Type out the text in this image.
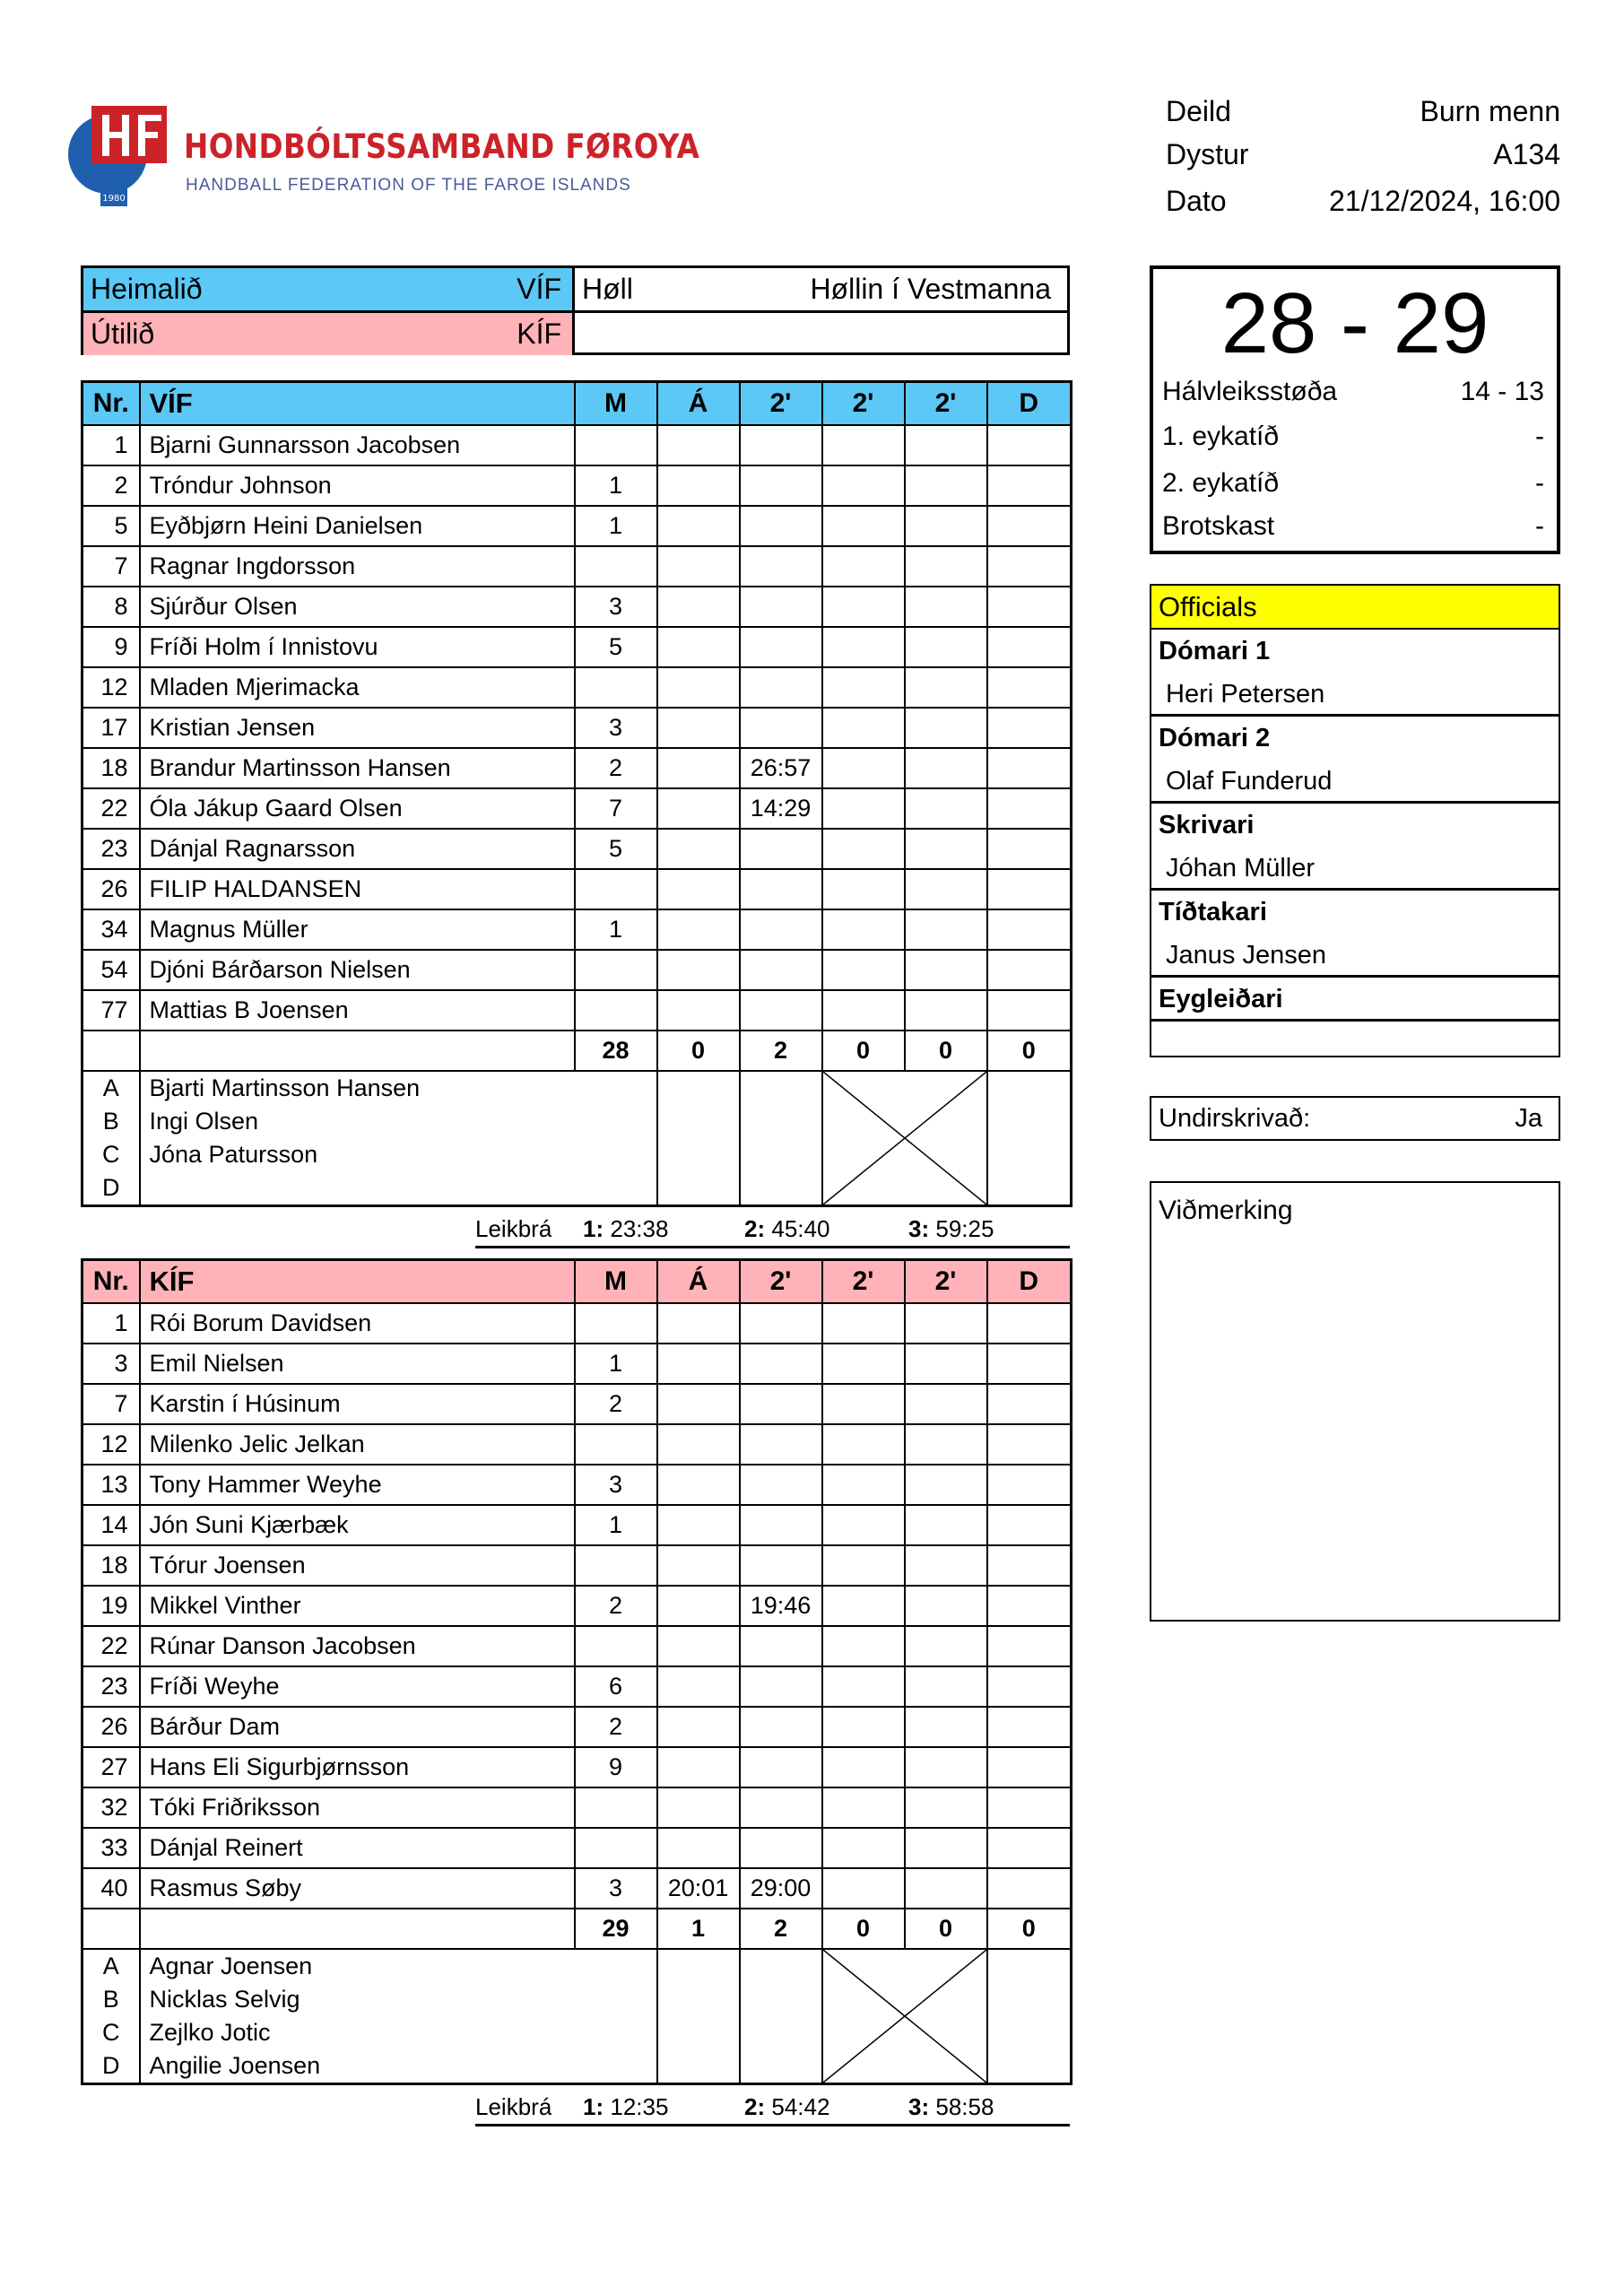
1980
HONDBÓLTSSAMBAND FØROYA
HANDBALL FEDERATION OF THE FAROE ISLANDS
Deild	Burn menn
Dystur	A134
Dato	21/12/2024, 16:00
Heimalið	VÍF Høll	Høllin í Vestmanna
Útilið	KÍF
Nr.	VÍF	M	Á	2'	2'	2'	D
1	Bjarni Gunnarsson Jacobsen						
2	Tróndur Johnson	1					
5	Eyðbjørn Heini Danielsen	1					
7	Ragnar Ingdorsson						
8	Sjúrður Olsen	3					
9	Fríði Holm í Innistovu	5					
12	Mladen Mjerimacka						
17	Kristian Jensen	3					
18	Brandur Martinsson Hansen	2		26:57			
22	Óla Jákup Gaard Olsen	7		14:29			
23	Dánjal Ragnarsson	5					
26	FILIP HALDANSEN						
34	Magnus Müller	1					
54	Djóni Bárðarson Nielsen						
77	Mattias B Joensen						
		28	0	2	0	0	0
A	Bjarti Martinsson Hansen			

B	Ingi Olsen						
C	Jóna Patursson						
D							
Leikbrá 1: 23:38	2: 45:40	3: 59:25
Nr.	KÍF	M	Á	2'	2'	2'	D
1	Rói Borum Davidsen						
3	Emil Nielsen	1					
7	Karstin í Húsinum	2					
12	Milenko Jelic Jelkan						
13	Tony Hammer Weyhe	3					
14	Jón Suni Kjærbæk	1					
18	Tórur Joensen						
19	Mikkel Vinther	2		19:46			
22	Rúnar Danson Jacobsen						
23	Fríði Weyhe	6					
26	Bárður Dam	2					
27	Hans Eli Sigurbjørnsson	9					
32	Tóki Friðriksson						
33	Dánjal Reinert						
40	Rasmus Søby	3	20:01	29:00			
		29	1	2	0	0	0
A	Agnar Joensen			

B	Nicklas Selvig						
C	Zejlko Jotic						
D	Angilie Joensen						
Leikbrá 1: 12:35	2: 54:42	3: 58:58
28 - 29
Hálvleiksstøða	14 - 13
1. eykatíð	-
2. eykatíð	-
Brotskast	-
Officials
Dómari 1
Heri Petersen
Dómari 2
Olaf Funderud
Skrivari
Jóhan Müller
Tíðtakari
Janus Jensen
Eygleiðari
Undirskrivað:	Ja
Viðmerking
